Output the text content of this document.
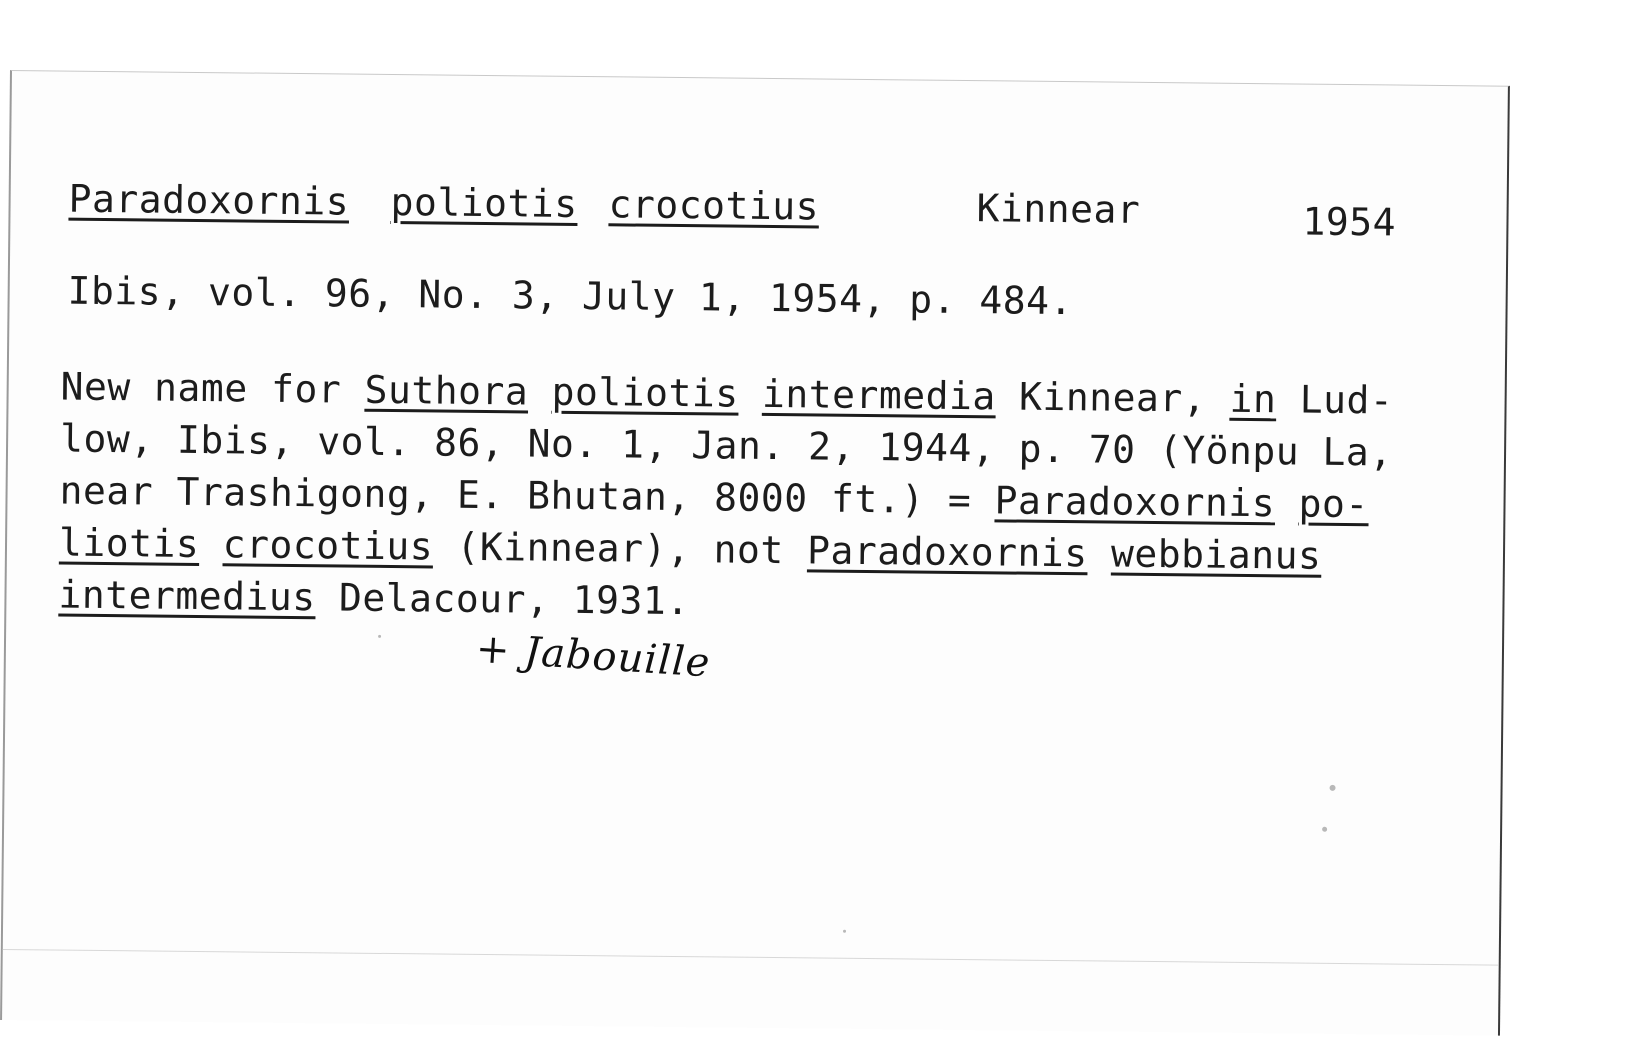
Paradoxornis poliotis crocotius	Kinnear	1954
Ibis, vol. 96, No. 3, July 1, 1954, p. 484.
New name for Suthora poliotis intermedia Kinnear, in Lud-
low, Ibis, vol. 86, No. 1, Jan. 2, 1944, p. 70 (Yönpu La,
near Trashigong, E. Bhutan, 8000 ft.) = Paradoxornis po-
liotis crocotius (Kinnear), not Paradoxornis webbianus
intermedius Delacour, 1931.
+ Jabouille
